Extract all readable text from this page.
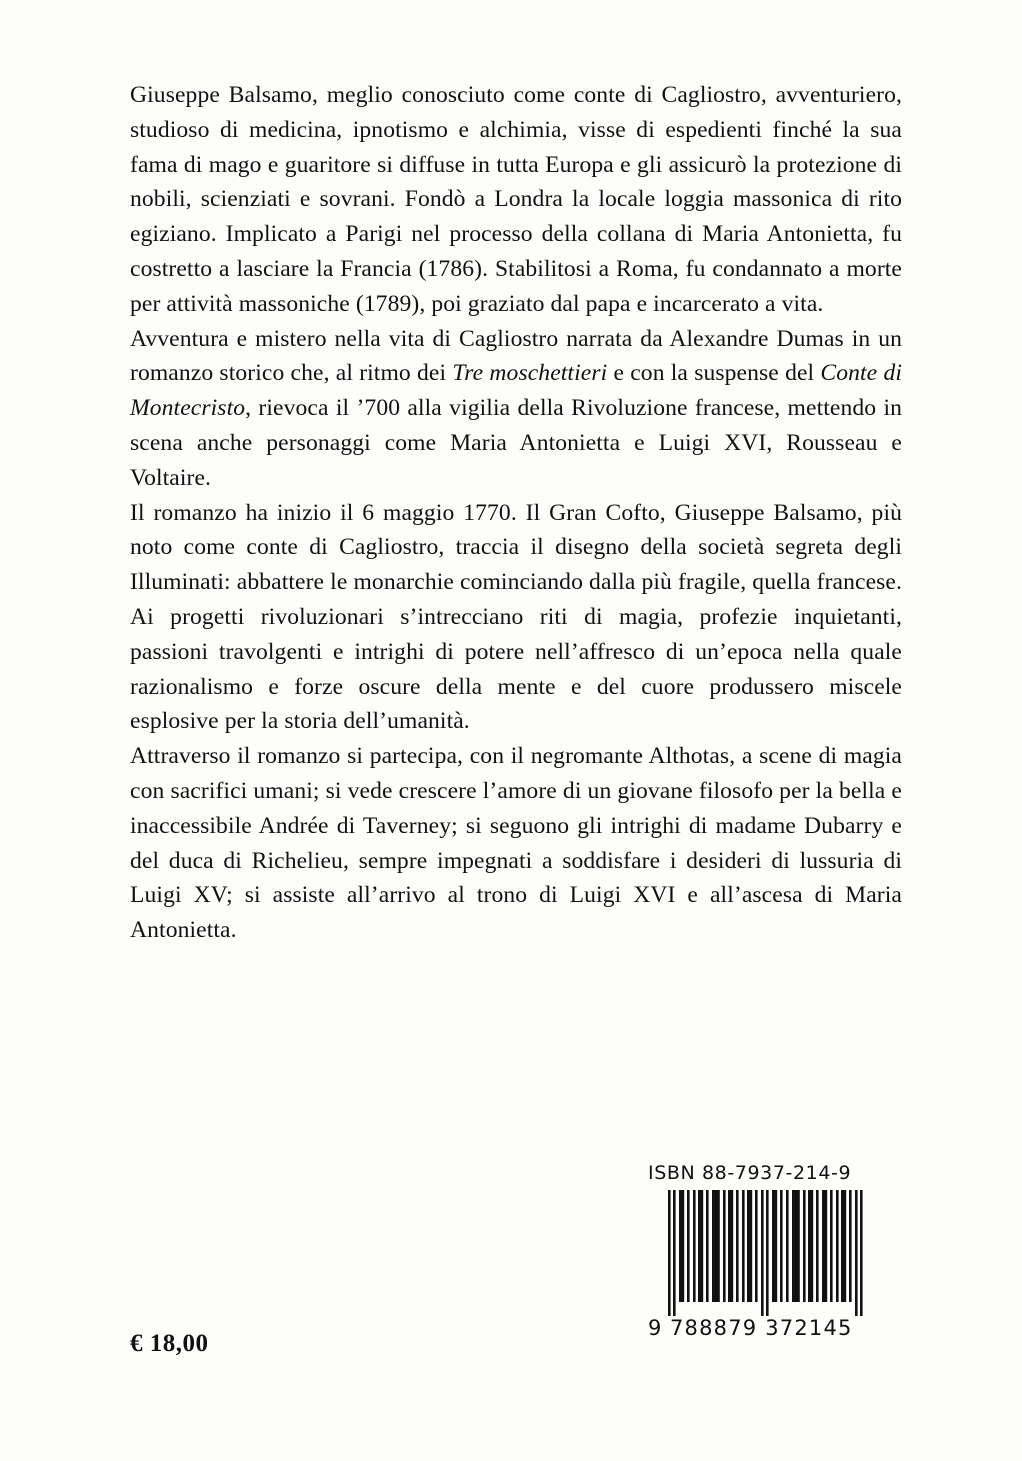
Giuseppe Balsamo, meglio conosciuto come conte di Cagliostro, avventuriero, studioso di medicina, ipnotismo e alchimia, visse di espedienti finché la sua fama di mago e guaritore si diffuse in tutta Europa e gli assicurò la protezione di nobili, scienziati e sovrani. Fondò a Londra la locale loggia massonica di rito egiziano. Implicato a Parigi nel processo della collana di Maria Antonietta, fu costretto a lasciare la Francia (1786). Stabilitosi a Roma, fu condannato a morte per attività massoniche (1789), poi graziato dal papa e incarcerato a vita.

Avventura e mistero nella vita di Cagliostro narrata da Alexandre Dumas in un romanzo storico che, al ritmo dei Tre moschettieri e con la suspense del Conte di Montecristo, rievoca il ’700 alla vigilia della Rivoluzione francese, mettendo in scena anche personaggi come Maria Antonietta e Luigi XVI, Rousseau e Voltaire.

Il romanzo ha inizio il 6 maggio 1770. Il Gran Cofto, Giuseppe Balsamo, più noto come conte di Cagliostro, traccia il disegno della società segreta degli Illuminati: abbattere le monarchie cominciando dalla più fragile, quella francese. Ai progetti rivoluzionari s’intrecciano riti di magia, profezie inquietanti, passioni travolgenti e intrighi di potere nell’affresco di un’epoca nella quale razionalismo e forze oscure della mente e del cuore produssero miscele esplosive per la storia dell’umanità.

Attraverso il romanzo si partecipa, con il negromante Althotas, a scene di magia con sacrifici umani; si vede crescere l’amore di un giovane filosofo per la bella e inaccessibile Andrée di Taverney; si seguono gli intrighi di madame Dubarry e del duca di Richelieu, sempre impegnati a soddisfare i desideri di lussuria di Luigi XV; si assiste all’arrivo al trono di Luigi XVI e all’ascesa di Maria Antonietta.

€ 18,00
ISBN 88-7937-214-9
9 788879 372145
